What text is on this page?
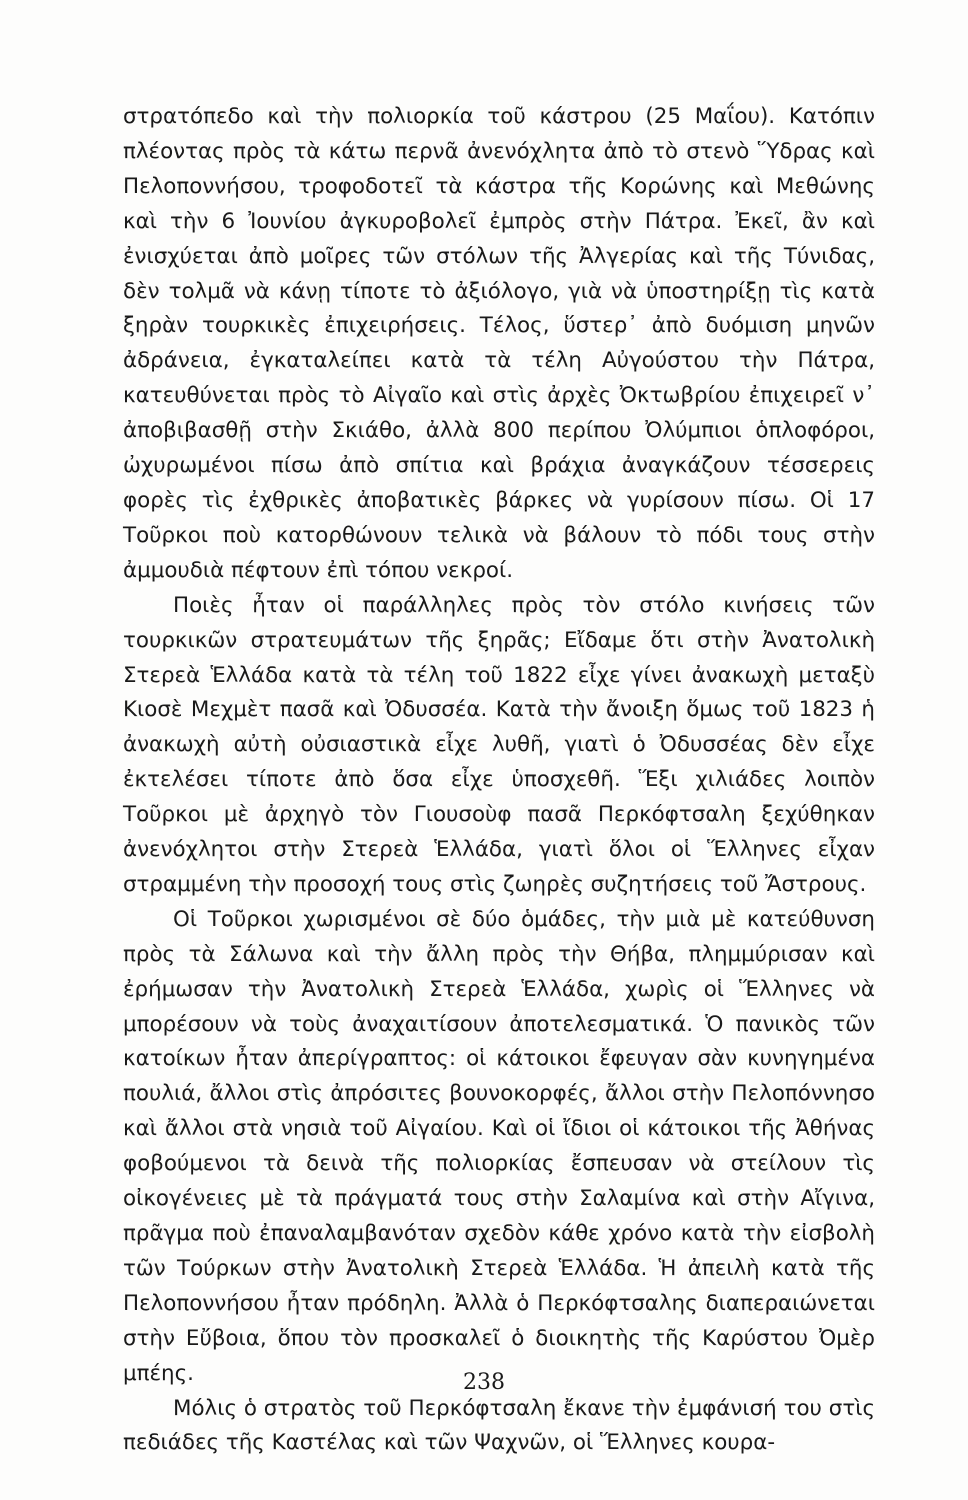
στρατόπεδο καὶ τὴν πολιορκία τοῦ κάστρου (25 Μαΐου). Κατόπιν πλέοντας πρὸς τὰ κάτω περνᾶ ἀνενόχλητα ἀπὸ τὸ στενὸ Ὕδρας καὶ Πελοποννήσου, τροφοδοτεῖ τὰ κάστρα τῆς Κορώνης καὶ Μεθώνης καὶ τὴν 6 Ἰουνίου ἀγκυροβολεῖ ἐμπρὸς στὴν Πάτρα. Ἐκεῖ, ἂν καὶ ἐνισχύεται ἀπὸ μοῖρες τῶν στόλων τῆς Ἀλγερίας καὶ τῆς Τύνιδας, δὲν τολμᾶ νὰ κάνῃ τίποτε τὸ ἀξιόλογο, γιὰ νὰ ὑποστηρίξῃ τὶς κατὰ ξηρὰν τουρκικὲς ἐπιχειρήσεις. Τέλος, ὕστερ᾽ ἀπὸ δυόμιση μηνῶν ἀδράνεια, ἐγκαταλείπει κατὰ τὰ τέλη Αὐγούστου τὴν Πάτρα, κατευθύνεται πρὸς τὸ Αἰγαῖο καὶ στὶς ἀρχὲς Ὀκτωβρίου ἐπιχειρεῖ ν᾽ ἀποβιβασθῇ στὴν Σκιάθο, ἀλλὰ 800 περίπου Ὀλύμπιοι ὁπλοφόροι, ὠχυρωμένοι πίσω ἀπὸ σπίτια καὶ βράχια ἀναγκάζουν τέσσερεις φορὲς τὶς ἐχθρικὲς ἀποβατικὲς βάρκες νὰ γυρίσουν πίσω. Οἱ 17 Τοῦρκοι ποὺ κατορθώνουν τελικὰ νὰ βάλουν τὸ πόδι τους στὴν ἀμμουδιὰ πέφτουν ἐπὶ τόπου νεκροί.

Ποιὲς ἦταν οἱ παράλληλες πρὸς τὸν στόλο κινήσεις τῶν τουρκικῶν στρατευμάτων τῆς ξηρᾶς; Εἴδαμε ὅτι στὴν Ἀνατολικὴ Στερεὰ Ἑλλάδα κατὰ τὰ τέλη τοῦ 1822 εἶχε γίνει ἀνακωχὴ μεταξὺ Κιοσὲ Μεχμὲτ πασᾶ καὶ Ὀδυσσέα. Κατὰ τὴν ἄνοιξη ὅμως τοῦ 1823 ἡ ἀνακωχὴ αὐτὴ οὐσιαστικὰ εἶχε λυθῆ, γιατὶ ὁ Ὀδυσσέας δὲν εἶχε ἐκτελέσει τίποτε ἀπὸ ὅσα εἶχε ὑποσχεθῆ. Ἕξι χιλιάδες λοιπὸν Τοῦρκοι μὲ ἀρχηγὸ τὸν Γιουσοὺφ πασᾶ Περκόφτσαλη ξεχύθηκαν ἀνενόχλητοι στὴν Στερεὰ Ἑλλάδα, γιατὶ ὅλοι οἱ Ἕλληνες εἶχαν στραμμένη τὴν προσοχή τους στὶς ζωηρὲς συζητήσεις τοῦ Ἄστρους.

Οἱ Τοῦρκοι χωρισμένοι σὲ δύο ὁμάδες, τὴν μιὰ μὲ κατεύθυνση πρὸς τὰ Σάλωνα καὶ τὴν ἄλλη πρὸς τὴν Θήβα, πλημμύρισαν καὶ ἐρήμωσαν τὴν Ἀνατολικὴ Στερεὰ Ἑλλάδα, χωρὶς οἱ Ἕλληνες νὰ μπορέσουν νὰ τοὺς ἀναχαιτίσουν ἀποτελεσματικά. Ὁ πανικὸς τῶν κατοίκων ἦταν ἀπερίγραπτος: οἱ κάτοικοι ἔφευγαν σὰν κυνηγημένα πουλιά, ἄλλοι στὶς ἀπρόσιτες βουνοκορφές, ἄλλοι στὴν Πελοπόννησο καὶ ἄλλοι στὰ νησιὰ τοῦ Αἰγαίου. Καὶ οἱ ἴδιοι οἱ κάτοικοι τῆς Ἀθήνας φοβούμενοι τὰ δεινὰ τῆς πολιορκίας ἔσπευσαν νὰ στείλουν τὶς οἰκογένειες μὲ τὰ πράγματά τους στὴν Σαλαμίνα καὶ στὴν Αἴγινα, πρᾶγμα ποὺ ἐπαναλαμβανόταν σχεδὸν κάθε χρόνο κατὰ τὴν εἰσβολὴ τῶν Τούρκων στὴν Ἀνατολικὴ Στερεὰ Ἑλλάδα. Ἡ ἀπειλὴ κατὰ τῆς Πελοποννήσου ἦταν πρόδηλη. Ἀλλὰ ὁ Περκόφτσαλης διαπεραιώνεται στὴν Εὔβοια, ὅπου τὸν προσκαλεῖ ὁ διοικητὴς τῆς Καρύστου Ὀμὲρ μπέης.

Μόλις ὁ στρατὸς τοῦ Περκόφτσαλη ἔκανε τὴν ἐμφάνισή του στὶς πεδιάδες τῆς Καστέλας καὶ τῶν Ψαχνῶν, οἱ Ἕλληνες κουρα-

238
